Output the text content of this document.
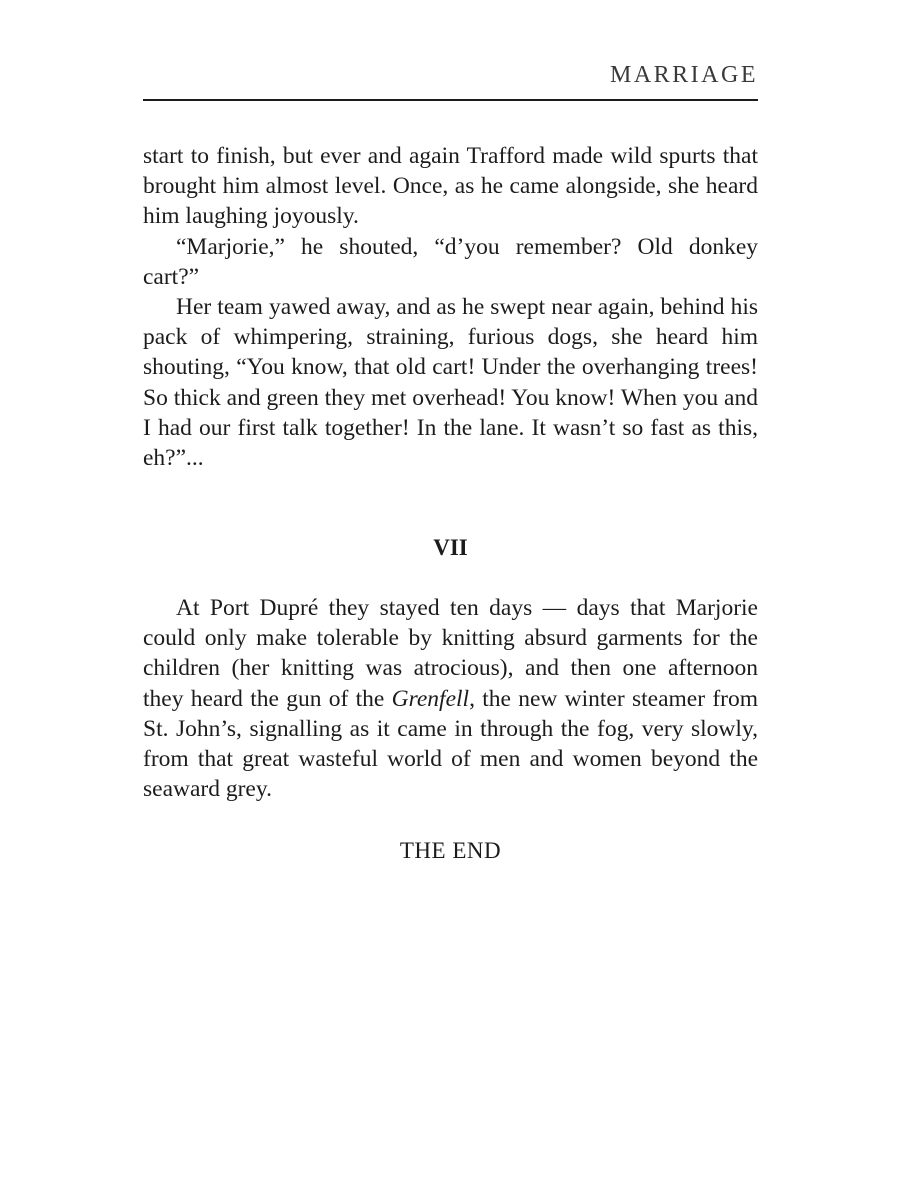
MARRIAGE

start to finish, but ever and again Trafford made wild spurts that brought him almost level. Once, as he came alongside, she heard him laughing joyously.

“Marjorie,” he shouted, “d’you remember? Old donkey cart?”

Her team yawed away, and as he swept near again, behind his pack of whimpering, straining, furious dogs, she heard him shouting, “You know, that old cart! Under the overhanging trees! So thick and green they met overhead! You know! When you and I had our first talk together! In the lane. It wasn’t so fast as this, eh?”...

VII

At Port Dupré they stayed ten days — days that Marjorie could only make tolerable by knitting absurd garments for the children (her knitting was atrocious), and then one afternoon they heard the gun of the Grenfell, the new winter steamer from St. John’s, signalling as it came in through the fog, very slowly, from that great wasteful world of men and women beyond the seaward grey.

THE END
